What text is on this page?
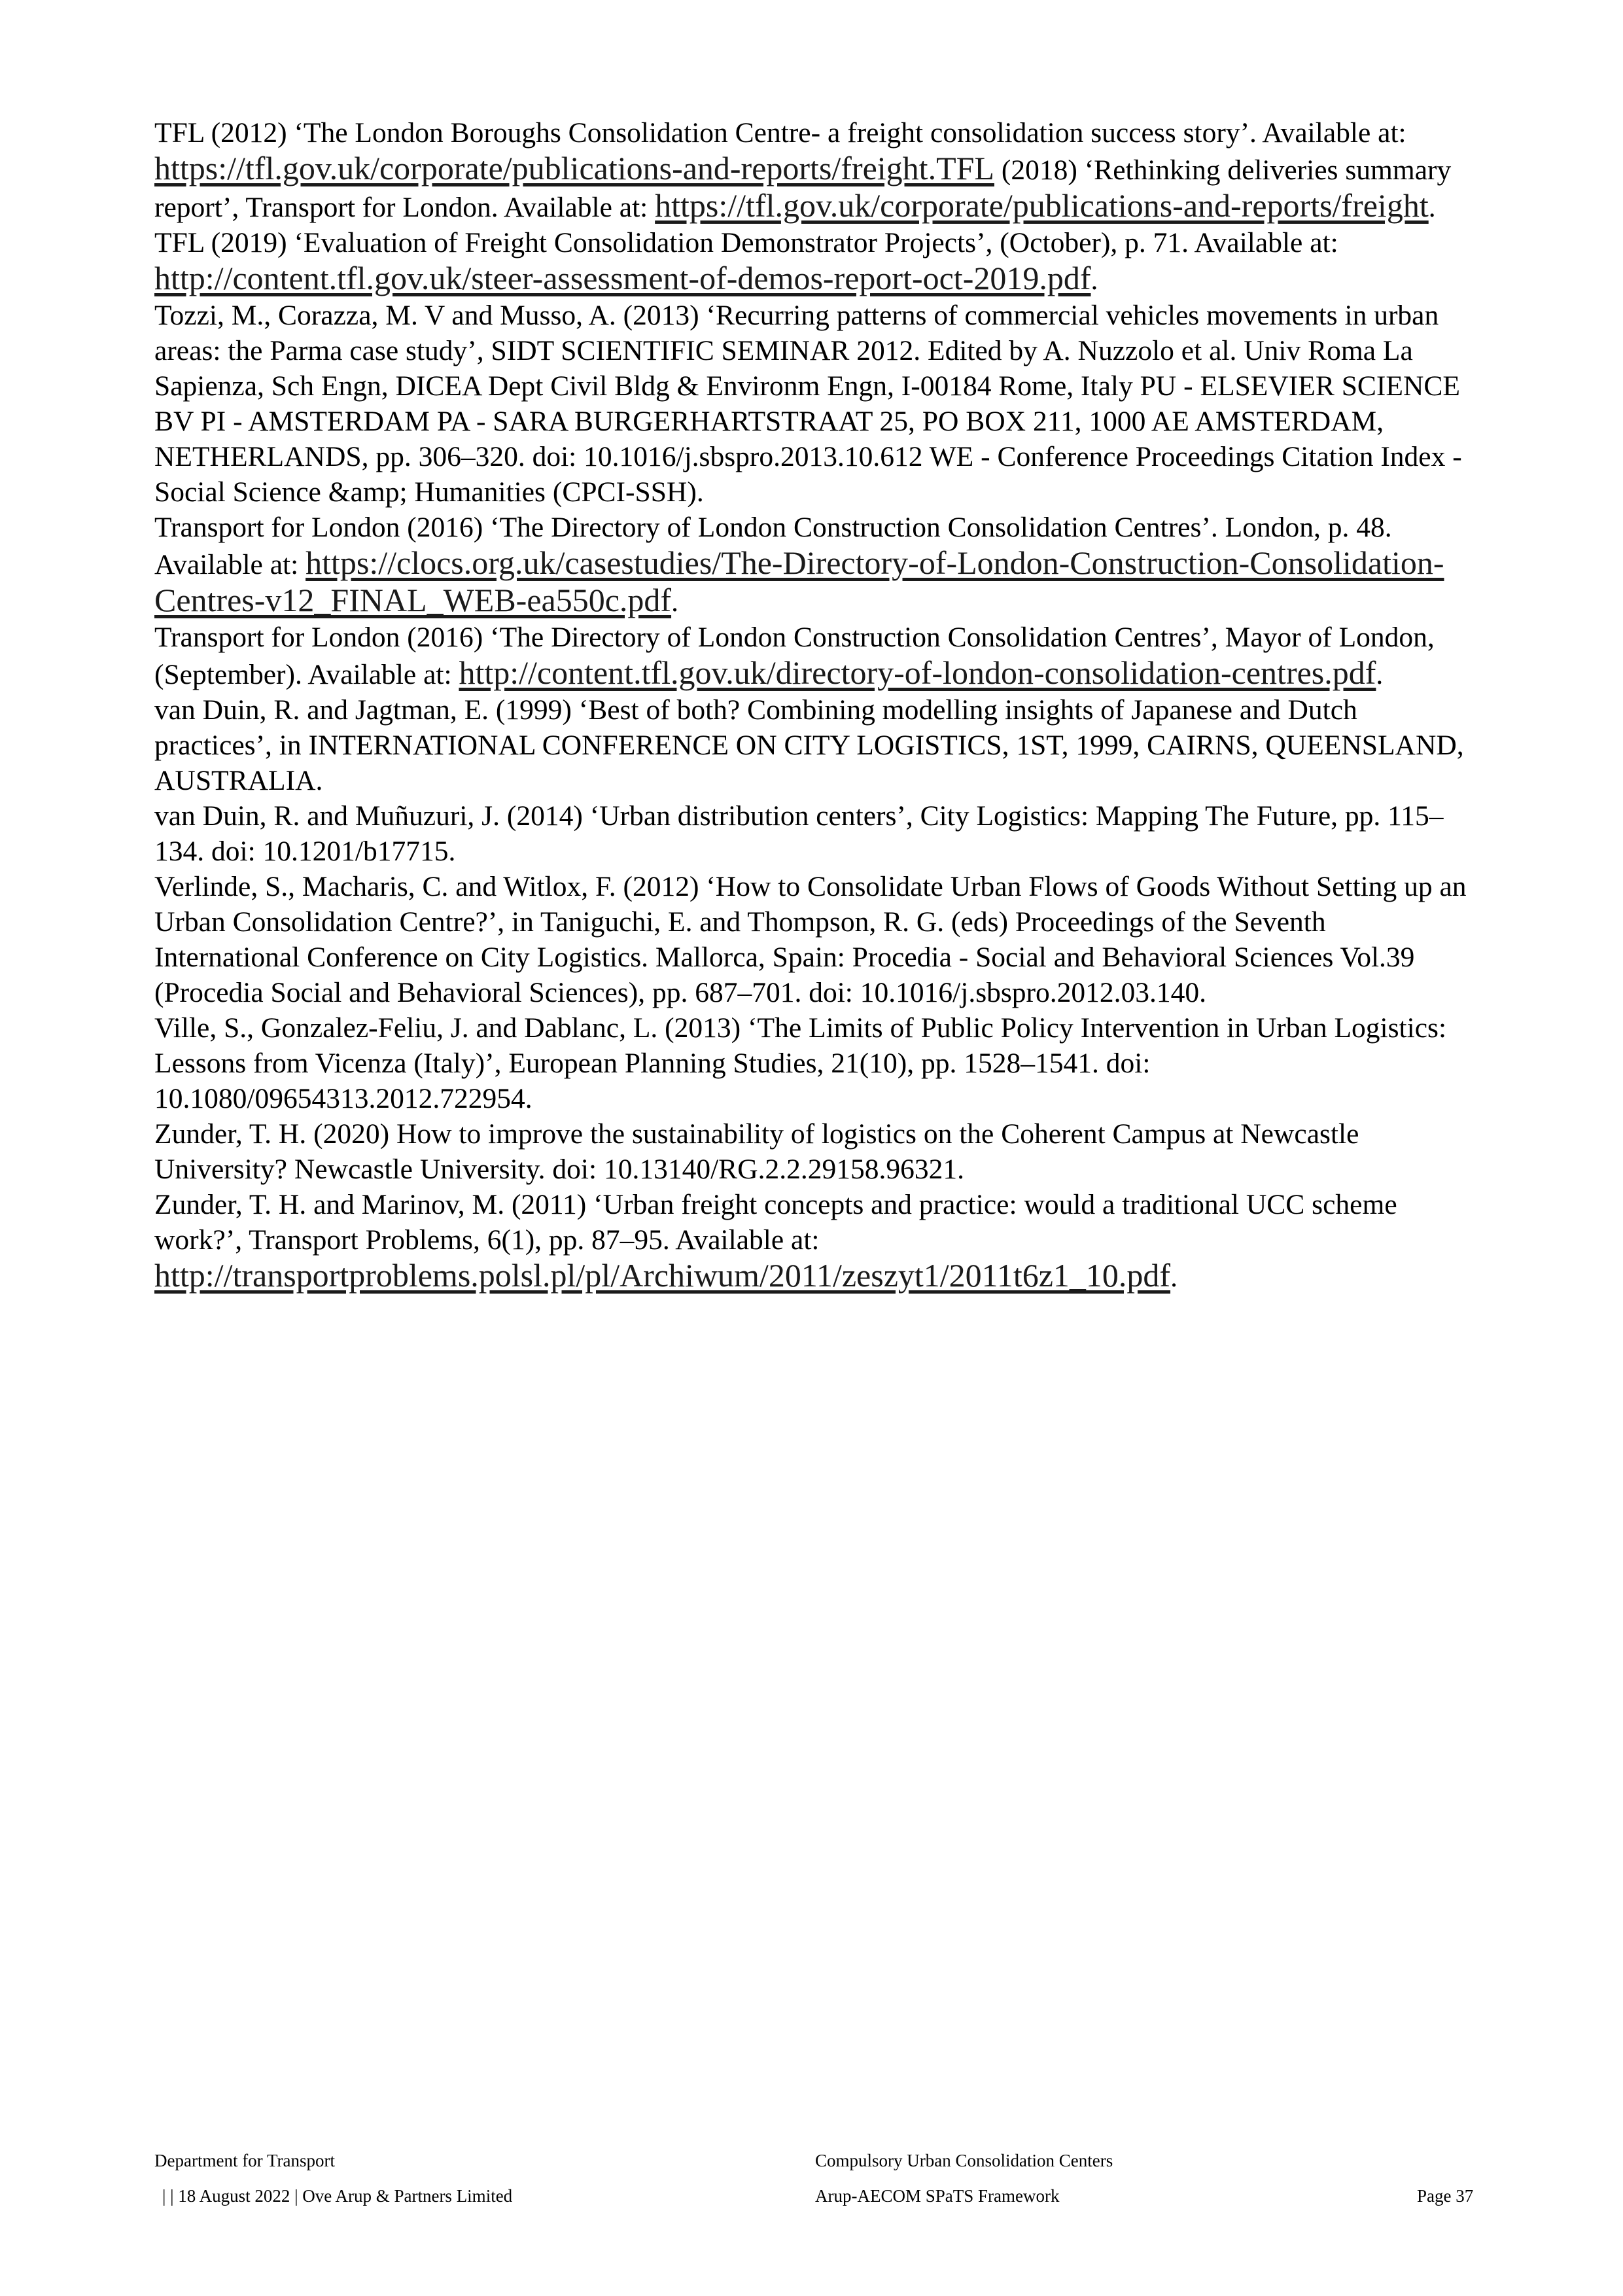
TFL (2012) ‘The London Boroughs Consolidation Centre- a freight consolidation success story’. Available at: https://tfl.gov.uk/corporate/publications-and-reports/freight.TFL (2018) ‘Rethinking deliveries summary report’, Transport for London. Available at: https://tfl.gov.uk/corporate/publications-and-reports/freight.

TFL (2019) ‘Evaluation of Freight Consolidation Demonstrator Projects’, (October), p. 71. Available at: http://content.tfl.gov.uk/steer-assessment-of-demos-report-oct-2019.pdf.

Tozzi, M., Corazza, M. V and Musso, A. (2013) ‘Recurring patterns of commercial vehicles movements in urban areas: the Parma case study’, SIDT SCIENTIFIC SEMINAR 2012. Edited by A. Nuzzolo et al. Univ Roma La Sapienza, Sch Engn, DICEA Dept Civil Bldg & Environm Engn, I-00184 Rome, Italy PU - ELSEVIER SCIENCE BV PI - AMSTERDAM PA - SARA BURGERHARTSTRAAT 25, PO BOX 211, 1000 AE AMSTERDAM, NETHERLANDS, pp. 306–320. doi: 10.1016/j.sbspro.2013.10.612 WE - Conference Proceedings Citation Index - Social Science &amp; Humanities (CPCI-SSH).

Transport for London (2016) ‘The Directory of London Construction Consolidation Centres’. London, p. 48. Available at: https://clocs.org.uk/casestudies/The-Directory-of-London-Construction-Consolidation-Centres-v12_FINAL_WEB-ea550c.pdf.

Transport for London (2016) ‘The Directory of London Construction Consolidation Centres’, Mayor of London, (September). Available at: http://content.tfl.gov.uk/directory-of-london-consolidation-centres.pdf.

van Duin, R. and Jagtman, E. (1999) ‘Best of both? Combining modelling insights of Japanese and Dutch practices’, in INTERNATIONAL CONFERENCE ON CITY LOGISTICS, 1ST, 1999, CAIRNS, QUEENSLAND, AUSTRALIA.

van Duin, R. and Muñuzuri, J. (2014) ‘Urban distribution centers’, City Logistics: Mapping The Future, pp. 115–134. doi: 10.1201/b17715.

Verlinde, S., Macharis, C. and Witlox, F. (2012) ‘How to Consolidate Urban Flows of Goods Without Setting up an Urban Consolidation Centre?’, in Taniguchi, E. and Thompson, R. G. (eds) Proceedings of the Seventh International Conference on City Logistics. Mallorca, Spain: Procedia - Social and Behavioral Sciences Vol.39 (Procedia Social and Behavioral Sciences), pp. 687–701. doi: 10.1016/j.sbspro.2012.03.140.

Ville, S., Gonzalez-Feliu, J. and Dablanc, L. (2013) ‘The Limits of Public Policy Intervention in Urban Logistics: Lessons from Vicenza (Italy)’, European Planning Studies, 21(10), pp. 1528–1541. doi: 10.1080/09654313.2012.722954.

Zunder, T. H. (2020) How to improve the sustainability of logistics on the Coherent Campus at Newcastle University? Newcastle University. doi: 10.13140/RG.2.2.29158.96321.

Zunder, T. H. and Marinov, M. (2011) ‘Urban freight concepts and practice: would a traditional UCC scheme work?’, Transport Problems, 6(1), pp. 87–95. Available at: http://transportproblems.polsl.pl/pl/Archiwum/2011/zeszyt1/2011t6z1_10.pdf.

Department for Transport
| | 18 August 2022 | Ove Arup & Partners Limited
Compulsory Urban Consolidation Centers
Arup-AECOM SPaTS Framework	Page 37
